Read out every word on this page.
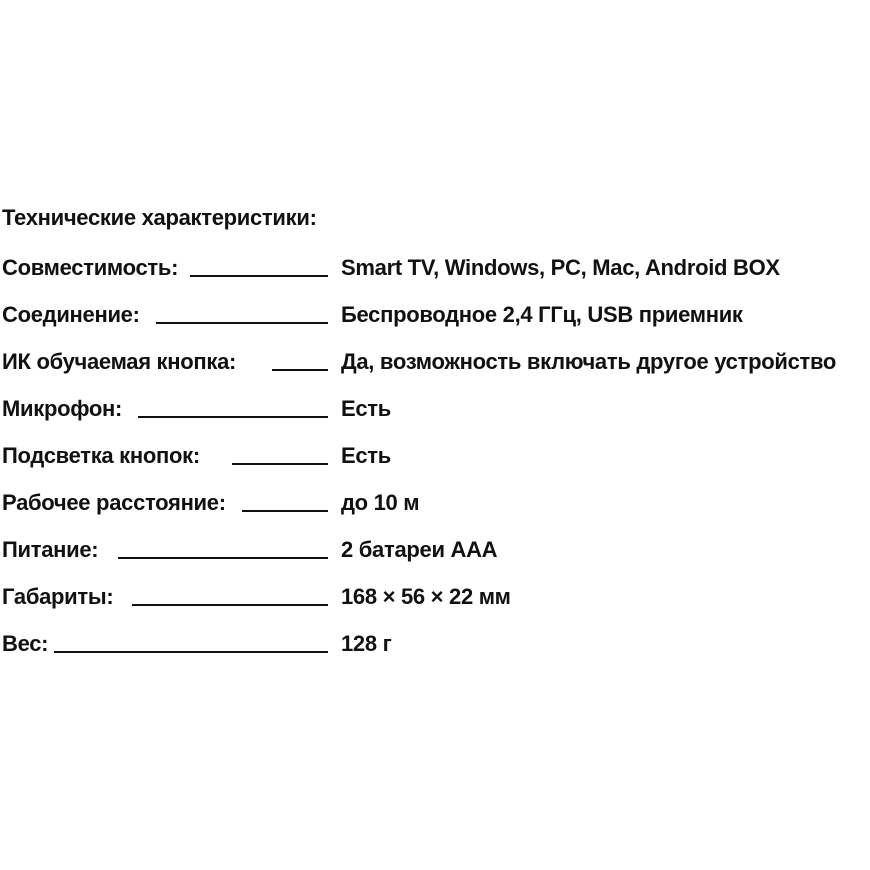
Технические характеристики:
Совместимость:	Smart TV, Windows, PC, Mac, Android BOX
Соединение:	Беспроводное 2,4 ГГц, USB приемник
ИК обучаемая кнопка:	Да, возможность включать другое устройство
Микрофон:	Есть
Подсветка кнопок:	Есть
Рабочее расстояние:	до 10 м
Питание:	2 батареи AAA
Габариты:	168 × 56 × 22 мм
Вес:	128 г
